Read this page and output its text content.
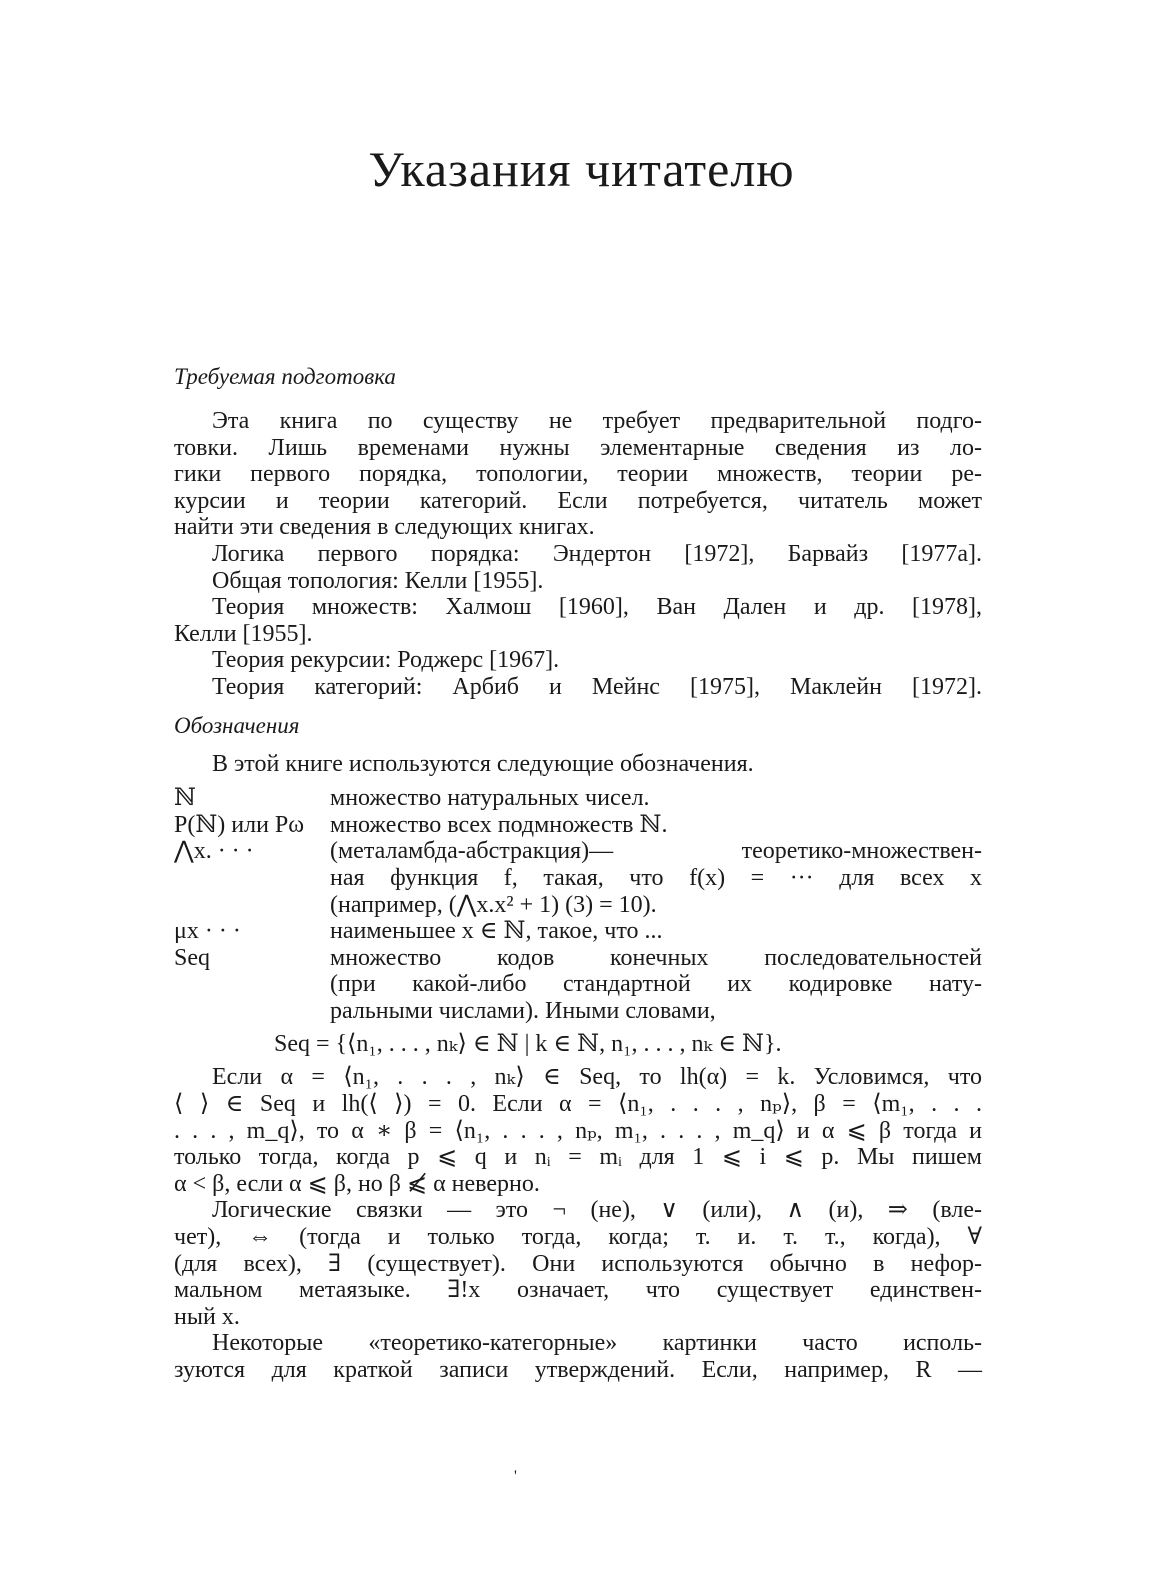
Указания читателю
Требуемая подготовка
Эта книга по существу не требует предварительной подго-
товки. Лишь временами нужны элементарные сведения из ло-
гики первого порядка, топологии, теории множеств, теории ре-
курсии и теории категорий. Если потребуется, читатель может
найти эти сведения в следующих книгах.
Логика первого порядка: Эндертон [1972], Барвайз [1977a].
Общая топология: Келли [1955].
Теория множеств: Халмош [1960], Ван Дален и др. [1978],
Келли [1955].
Теория рекурсии: Роджерс [1967].
Теория категорий: Арбиб и Мейнс [1975], Маклейн [1972].
Обозначения
В этой книге используются следующие обозначения.
ℕ	множество натуральных чисел.
P(ℕ) или Pω	множество всех подмножеств ℕ.
⋀x. · · ·	(металамбда-абстракция)— теоретико-множествен-
ная функция f, такая, что f(x) = ··· для всех x
(например, (⋀x.x² + 1) (3) = 10).
μx · · ·	наименьшее x ∈ ℕ, такое, что ...
Seq	множество кодов конечных последовательностей
(при какой-либо стандартной их кодировке нату-
ральными числами). Иными словами,
Seq = {⟨n₁, . . . , nₖ⟩ ∈ ℕ | k ∈ ℕ, n₁, . . . , nₖ ∈ ℕ}.
Если α = ⟨n₁, . . . , nₖ⟩ ∈ Seq, то lh(α) = k. Условимся, что
⟨ ⟩ ∈ Seq и lh(⟨ ⟩) = 0. Если α = ⟨n₁, . . . , nₚ⟩, β = ⟨m₁, . . .
. . . , m_q⟩, то α ∗ β = ⟨n₁, . . . , nₚ, m₁, . . . , m_q⟩ и α ⩽ β тогда и
только тогда, когда p ⩽ q и nᵢ = mᵢ для 1 ⩽ i ⩽ p. Мы пишем
α < β, если α ⩽ β, но β ⩽̸ α неверно.
Логические связки — это ¬ (не), ∨ (или), ∧ (и), ⇒ (вле-
чет), ⇔ (тогда и только тогда, когда; т. и. т. т., когда), ∀
(для всех), ∃ (существует). Они используются обычно в нефор-
мальном метаязыке. ∃!x означает, что существует единствен-
ный x.
Некоторые «теоретико-категорные» картинки часто исполь-
зуются для краткой записи утверждений. Если, например, R —
'
